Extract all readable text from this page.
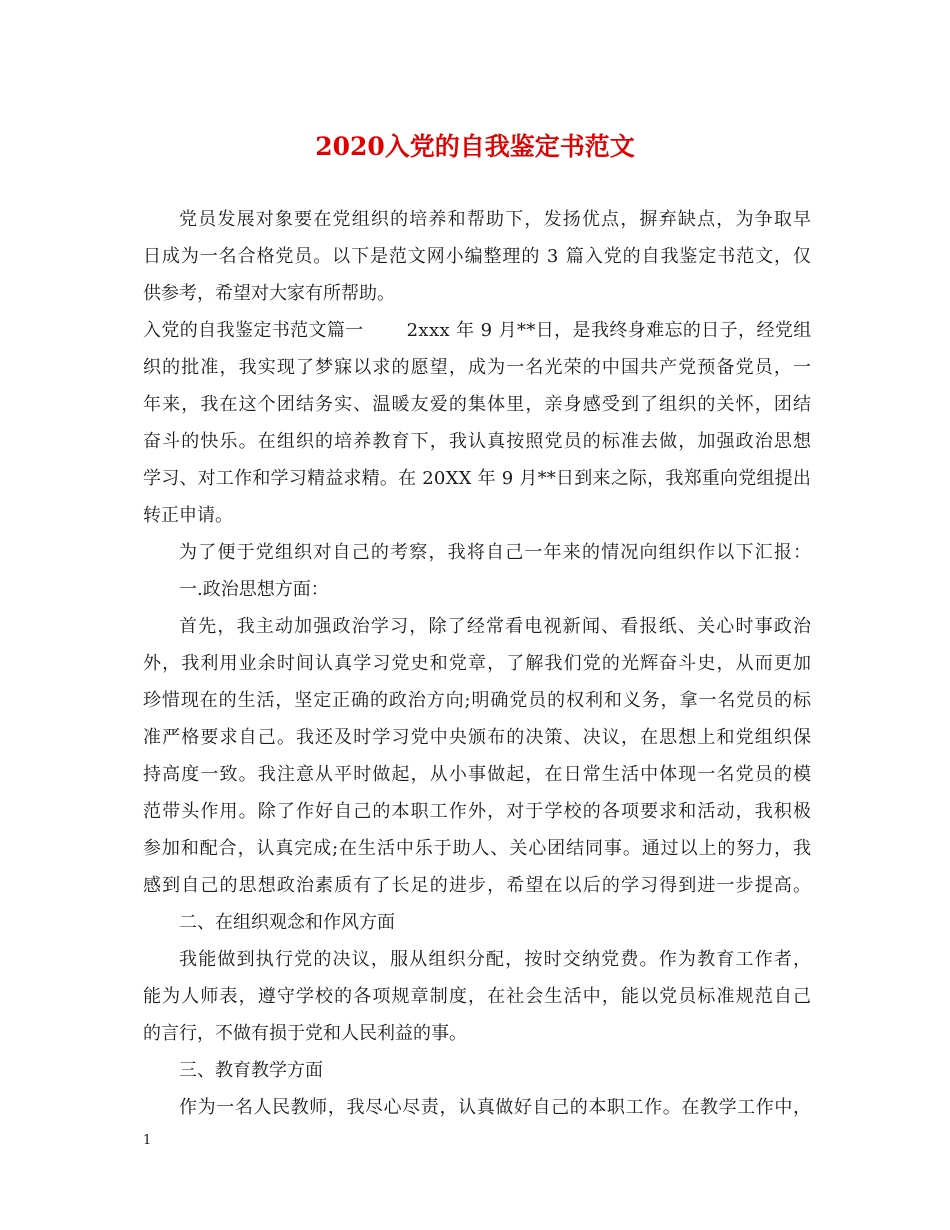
2020入党的自我鉴定书范文
党员发展对象要在党组织的培养和帮助下，发扬优点，摒弃缺点，为争取早
日成为一名合格党员。以下是范文网小编整理的 3 篇入党的自我鉴定书范文，仅
供参考，希望对大家有所帮助。
入党的自我鉴定书范文篇一　　 2xxx 年 9 月**日，是我终身难忘的日子，经党组
织的批准，我实现了梦寐以求的愿望，成为一名光荣的中国共产党预备党员，一
年来，我在这个团结务实、温暖友爱的集体里，亲身感受到了组织的关怀，团结
奋斗的快乐。在组织的培养教育下，我认真按照党员的标准去做，加强政治思想
学习、对工作和学习精益求精。在 20XX 年 9 月**日到来之际，我郑重向党组提出
转正申请。
为了便于党组织对自己的考察，我将自己一年来的情况向组织作以下汇报：
一.政治思想方面：
首先，我主动加强政治学习，除了经常看电视新闻、看报纸、关心时事政治
外，我利用业余时间认真学习党史和党章，了解我们党的光辉奋斗史，从而更加
珍惜现在的生活，坚定正确的政治方向;明确党员的权利和义务，拿一名党员的标
准严格要求自己。我还及时学习党中央颁布的决策、决议，在思想上和党组织保
持高度一致。我注意从平时做起，从小事做起，在日常生活中体现一名党员的模
范带头作用。除了作好自己的本职工作外，对于学校的各项要求和活动，我积极
参加和配合，认真完成;在生活中乐于助人、关心团结同事。通过以上的努力，我
感到自己的思想政治素质有了长足的进步，希望在以后的学习得到进一步提高。
二、在组织观念和作风方面
我能做到执行党的决议，服从组织分配，按时交纳党费。作为教育工作者，
能为人师表，遵守学校的各项规章制度，在社会生活中，能以党员标准规范自己
的言行，不做有损于党和人民利益的事。
三、教育教学方面
作为一名人民教师，我尽心尽责，认真做好自己的本职工作。在教学工作中，
1
